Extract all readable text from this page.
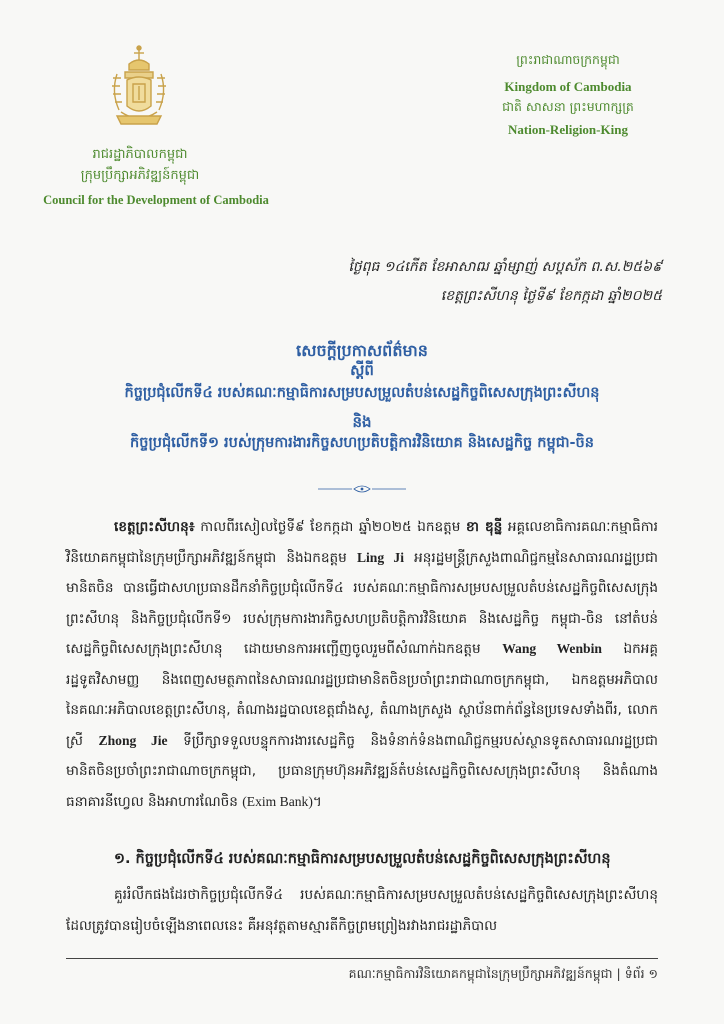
រាជរដ្ឋាភិបាលកម្ពុជា
ក្រុមប្រឹក្សាអភិវឌ្ឍន៍កម្ពុជា
Council for the Development of Cambodia
ព្រះរាជាណាចក្រកម្ពុជា
Kingdom of Cambodia
ជាតិ សាសនា ព្រះមហាក្សត្រ
Nation-Religion-King
ថ្ងៃពុធ ១៤កើត ខែអាសាឍ ឆ្នាំម្សាញ់ សប្តស័ក ព.ស.២៥៦៩
ខេត្តព្រះសីហនុ ថ្ងៃទី៩ ខែកក្កដា ឆ្នាំ២០២៥
សេចក្តីប្រកាសព័ត៌មាន
ស្តីពី
កិច្ចប្រជុំលើកទី៤ របស់គណៈកម្មាធិការសម្របសម្រួលតំបន់សេដ្ឋកិច្ចពិសេសក្រុងព្រះសីហនុ
និង
កិច្ចប្រជុំលើកទី១ របស់ក្រុមការងារកិច្ចសហប្រតិបត្តិការវិនិយោគ និងសេដ្ឋកិច្ច កម្ពុជា-ចិន
ខេត្តព្រះសីហនុ៖ កាលពីរសៀលថ្ងៃទី៩ ខែកក្កដា ឆ្នាំ២០២៥ ឯកឧត្តម ខា ឌុន្នី អគ្គលេខាធិការគណៈកម្មាធិការវិនិយោគកម្ពុជានៃក្រុមប្រឹក្សាអភិវឌ្ឍន៍កម្ពុជា និងឯកឧត្តម Ling Ji អនុរដ្ឋមន្ត្រីក្រសួងពាណិជ្ជកម្មនៃសាធារណរដ្ឋប្រជាមានិតចិន បានធ្វើជាសហប្រធានដឹកនាំកិច្ចប្រជុំលើកទី៤ របស់គណៈកម្មាធិការសម្របសម្រួលតំបន់សេដ្ឋកិច្ចពិសេសក្រុងព្រះសីហនុ និងកិច្ចប្រជុំលើកទី១ របស់ក្រុមការងារកិច្ចសហប្រតិបត្តិការវិនិយោគ និងសេដ្ឋកិច្ច កម្ពុជា-ចិន នៅតំបន់សេដ្ឋកិច្ចពិសេសក្រុងព្រះសីហនុ ដោយមានការអញ្ជើញចូលរួមពីសំណាក់ឯកឧត្តម Wang Wenbin ឯកអគ្គរដ្ឋទូតវិសាមញ្ញ និងពេញសមត្ថភាពនៃសាធារណរដ្ឋប្រជាមានិតចិនប្រចាំព្រះរាជាណាចក្រកម្ពុជា, ឯកឧត្តមអភិបាលនៃគណៈអភិបាលខេត្តព្រះសីហនុ, តំណាងរដ្ឋបាលខេត្តជាំងសូ, តំណាងក្រសួង ស្ថាប័នពាក់ព័ន្ធនៃប្រទេសទាំងពីរ, លោកស្រី Zhong Jie ទីប្រឹក្សាទទួលបន្ទុកការងារសេដ្ឋកិច្ច និងទំនាក់ទំនងពាណិជ្ជកម្មរបស់ស្ថានទូតសាធារណរដ្ឋប្រជាមានិតចិនប្រចាំព្រះរាជាណាចក្រកម្ពុជា, ប្រធានក្រុមហ៊ុនអភិវឌ្ឍន៍តំបន់សេដ្ឋកិច្ចពិសេសក្រុងព្រះសីហនុ និងតំណាងធនាគារនីហ្វេល និងអាហារណែចិន (Exim Bank)។
១. កិច្ចប្រជុំលើកទី៤ របស់គណៈកម្មាធិការសម្របសម្រួលតំបន់សេដ្ឋកិច្ចពិសេសក្រុងព្រះសីហនុ
គួររំលឹកផងដែរថាកិច្ចប្រជុំលើកទី៤ របស់គណៈកម្មាធិការសម្របសម្រួលតំបន់សេដ្ឋកិច្ចពិសេសក្រុងព្រះសីហនុ ដែលត្រូវបានរៀបចំឡើងនាពេលនេះ គឺអនុវត្តតាមស្មារតីកិច្ចព្រមព្រៀងរវាងរាជរដ្ឋាភិបាល
គណៈកម្មាធិការវិនិយោគកម្ពុជានៃក្រុមប្រឹក្សាអភិវឌ្ឍន៍កម្ពុជា | ទំព័រ ១
